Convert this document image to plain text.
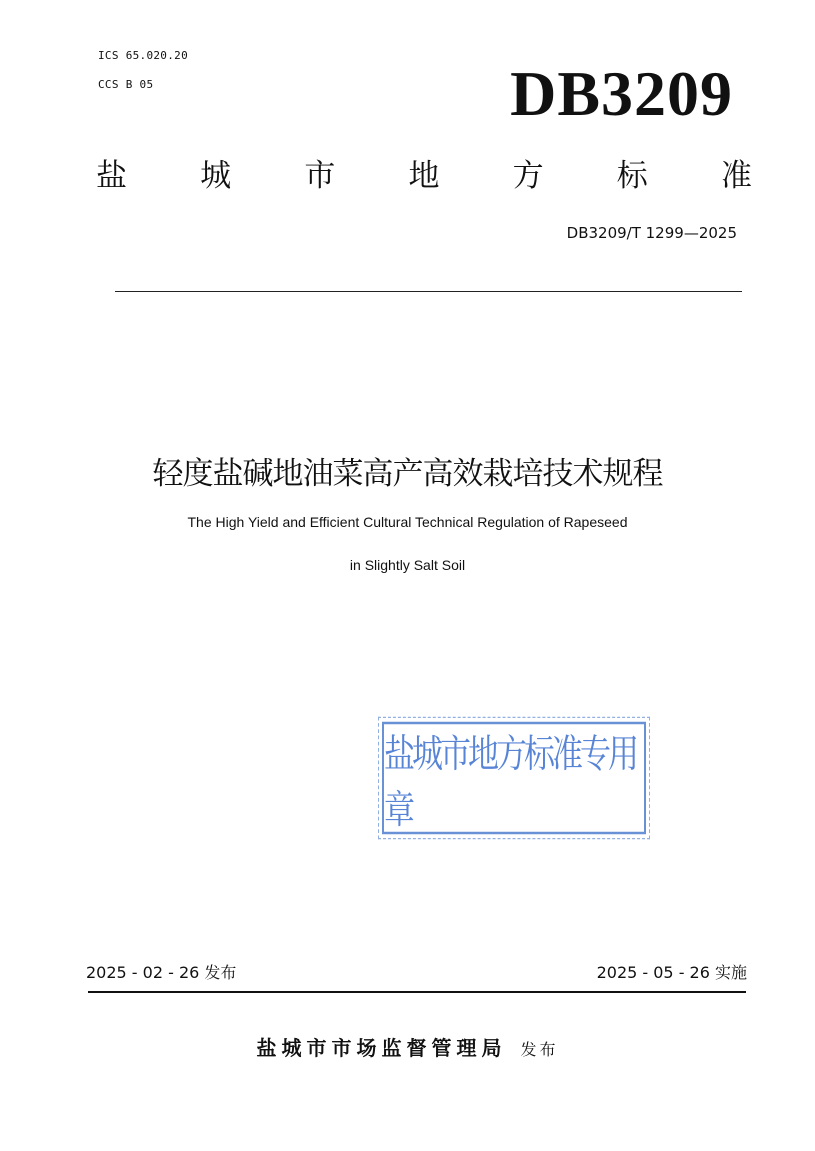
ICS 65.020.20
CCS B 05	DB3209
盐 城 市 地 方 标 准
DB3209/T 1299—2025
轻度盐碱地油菜高产高效栽培技术规程
The High Yield and Efficient Cultural Technical Regulation of Rapeseed
in Slightly Salt Soil
盐城市地方标准专用章
2025 - 02 - 26 发布	2025 - 05 - 26 实施
盐城市市场监督管理局 发布
